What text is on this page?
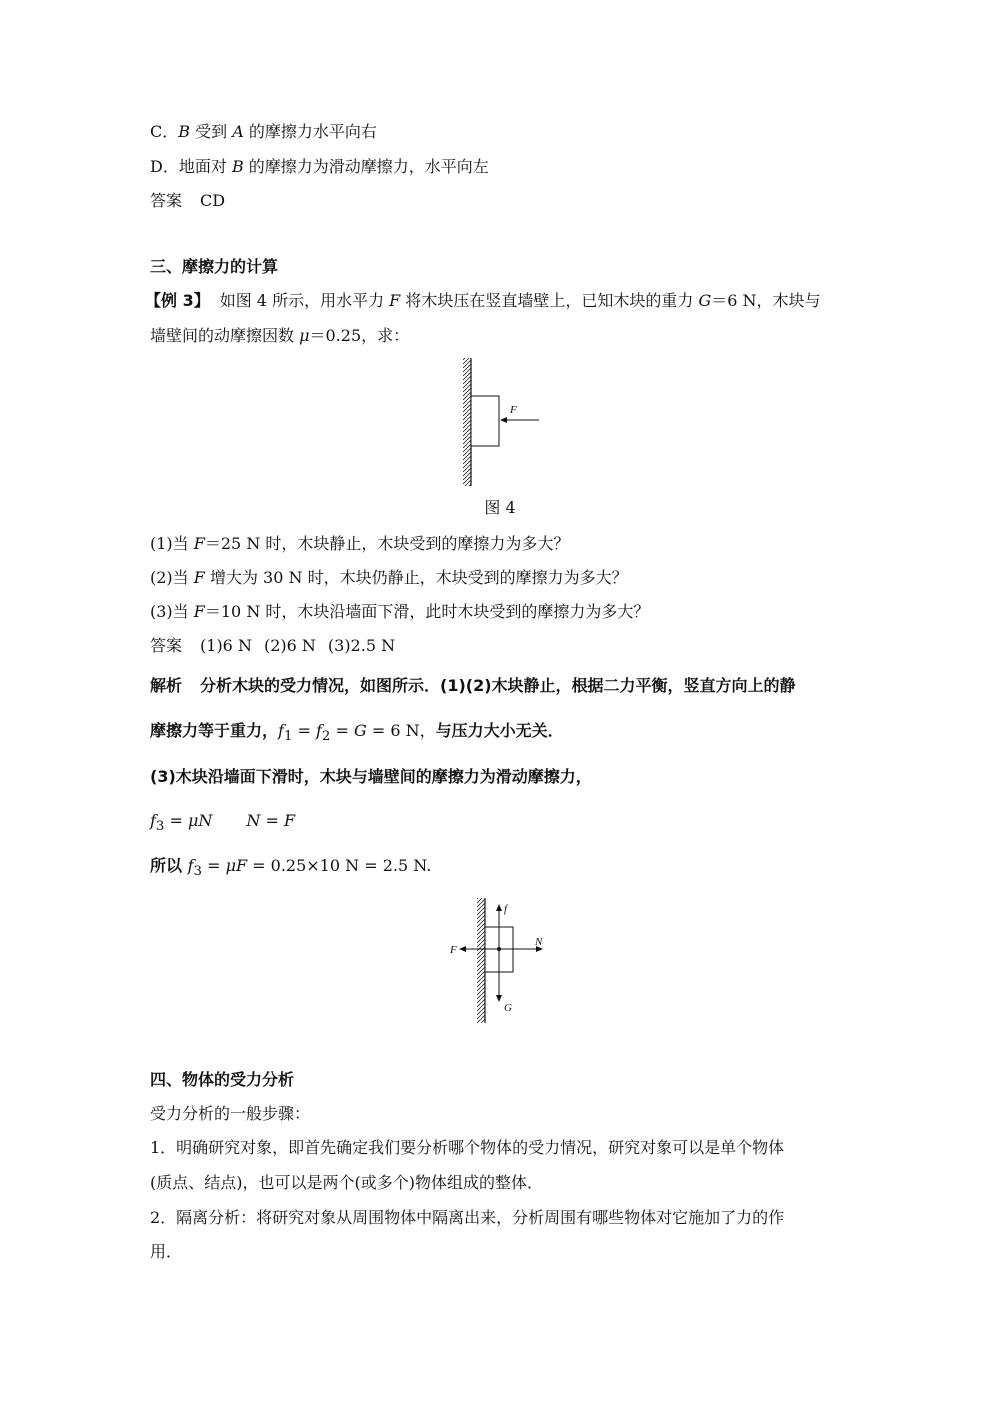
C．B 受到 A 的摩擦力水平向右
D．地面对 B 的摩擦力为滑动摩擦力，水平向左
答案 CD
三、摩擦力的计算
【例 3】 如图 4 所示，用水平力 F 将木块压在竖直墙壁上，已知木块的重力 G＝6 N，木块与
墙壁间的动摩擦因数 μ＝0.25，求：
F
图 4
(1)当 F＝25 N 时，木块静止，木块受到的摩擦力为多大？
(2)当 F 增大为 30 N 时，木块仍静止，木块受到的摩擦力为多大？
(3)当 F＝10 N 时，木块沿墙面下滑，此时木块受到的摩擦力为多大？
答案 (1)6 N (2)6 N (3)2.5 N
解析 分析木块的受力情况，如图所示．(1)(2)木块静止，根据二力平衡，竖直方向上的静
摩擦力等于重力，$f_1 = f_2 = G = 6$ N，与压力大小无关．
(3)木块沿墙面下滑时，木块与墙壁间的摩擦力为滑动摩擦力，
$f_3 = \mu N$ N = F
所以 $f_3 = \mu F = 0.25\times 10$ N = 2.5 N.
f
G
N
F
四、物体的受力分析
受力分析的一般步骤：
1．明确研究对象，即首先确定我们要分析哪个物体的受力情况，研究对象可以是单个物体
(质点、结点)，也可以是两个(或多个)物体组成的整体．
2．隔离分析：将研究对象从周围物体中隔离出来，分析周围有哪些物体对它施加了力的作
用．
